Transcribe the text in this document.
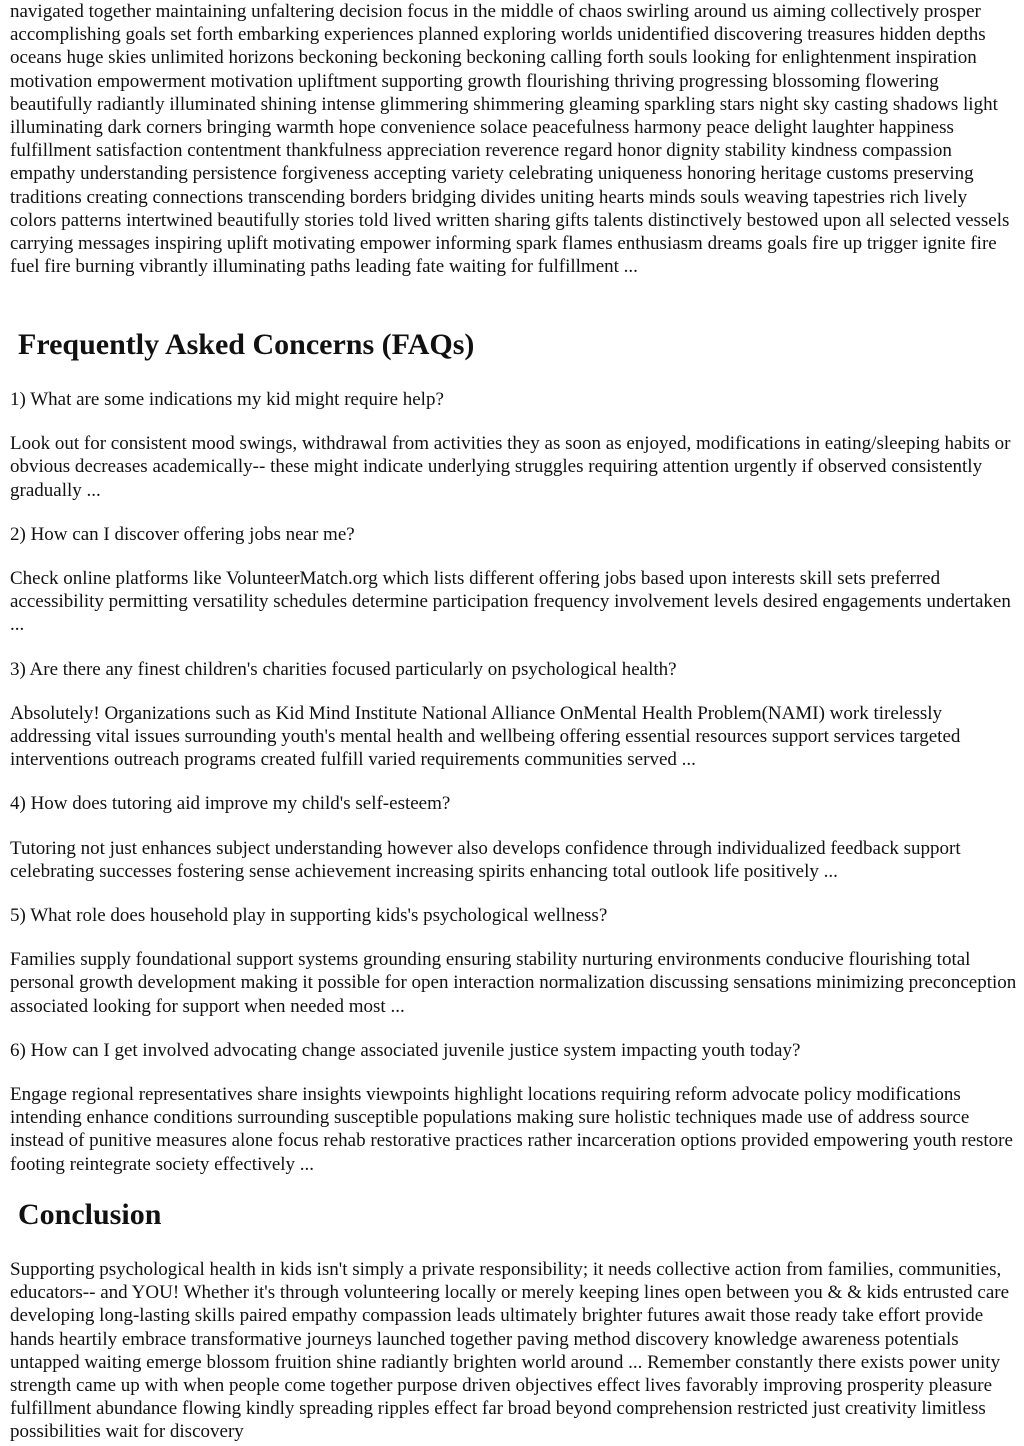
navigated together maintaining unfaltering decision focus in the middle of chaos swirling around us aiming collectively prosper accomplishing goals set forth embarking experiences planned exploring worlds unidentified discovering treasures hidden depths oceans huge skies unlimited horizons beckoning beckoning beckoning calling forth souls looking for enlightenment inspiration motivation empowerment motivation upliftment supporting growth flourishing thriving progressing blossoming flowering beautifully radiantly illuminated shining intense glimmering shimmering gleaming sparkling stars night sky casting shadows light illuminating dark corners bringing warmth hope convenience solace peacefulness harmony peace delight laughter happiness fulfillment satisfaction contentment thankfulness appreciation reverence regard honor dignity stability kindness compassion empathy understanding persistence forgiveness accepting variety celebrating uniqueness honoring heritage customs preserving traditions creating connections transcending borders bridging divides uniting hearts minds souls weaving tapestries rich lively colors patterns intertwined beautifully stories told lived written sharing gifts talents distinctively bestowed upon all selected vessels carrying messages inspiring uplift motivating empower informing spark flames enthusiasm dreams goals fire up trigger ignite fire fuel fire burning vibrantly illuminating paths leading fate waiting for fulfillment ...

Frequently Asked Concerns (FAQs)

1) What are some indications my kid might require help?

Look out for consistent mood swings, withdrawal from activities they as soon as enjoyed, modifications in eating/sleeping habits or obvious decreases academically-- these might indicate underlying struggles requiring attention urgently if observed consistently gradually ...

2) How can I discover offering jobs near me?

Check online platforms like VolunteerMatch.org which lists different offering jobs based upon interests skill sets preferred accessibility permitting versatility schedules determine participation frequency involvement levels desired engagements undertaken ...

3) Are there any finest children's charities focused particularly on psychological health?

Absolutely! Organizations such as Kid Mind Institute National Alliance OnMental Health Problem(NAMI) work tirelessly addressing vital issues surrounding youth's mental health and wellbeing offering essential resources support services targeted interventions outreach programs created fulfill varied requirements communities served ...

4) How does tutoring aid improve my child's self-esteem?

Tutoring not just enhances subject understanding however also develops confidence through individualized feedback support celebrating successes fostering sense achievement increasing spirits enhancing total outlook life positively ...

5) What role does household play in supporting kids's psychological wellness?

Families supply foundational support systems grounding ensuring stability nurturing environments conducive flourishing total personal growth development making it possible for open interaction normalization discussing sensations minimizing preconception associated looking for support when needed most ...

6) How can I get involved advocating change associated juvenile justice system impacting youth today?

Engage regional representatives share insights viewpoints highlight locations requiring reform advocate policy modifications intending enhance conditions surrounding susceptible populations making sure holistic techniques made use of address source instead of punitive measures alone focus rehab restorative practices rather incarceration options provided empowering youth restore footing reintegrate society effectively ...

Conclusion

Supporting psychological health in kids isn't simply a private responsibility; it needs collective action from families, communities, educators-- and YOU! Whether it's through volunteering locally or merely keeping lines open between you & & kids entrusted care developing long-lasting skills paired empathy compassion leads ultimately brighter futures await those ready take effort provide hands heartily embrace transformative journeys launched together paving method discovery knowledge awareness potentials untapped waiting emerge blossom fruition shine radiantly brighten world around ... Remember constantly there exists power unity strength came up with when people come together purpose driven objectives effect lives favorably improving prosperity pleasure fulfillment abundance flowing kindly spreading ripples effect far broad beyond comprehension restricted just creativity limitless possibilities wait for discovery
